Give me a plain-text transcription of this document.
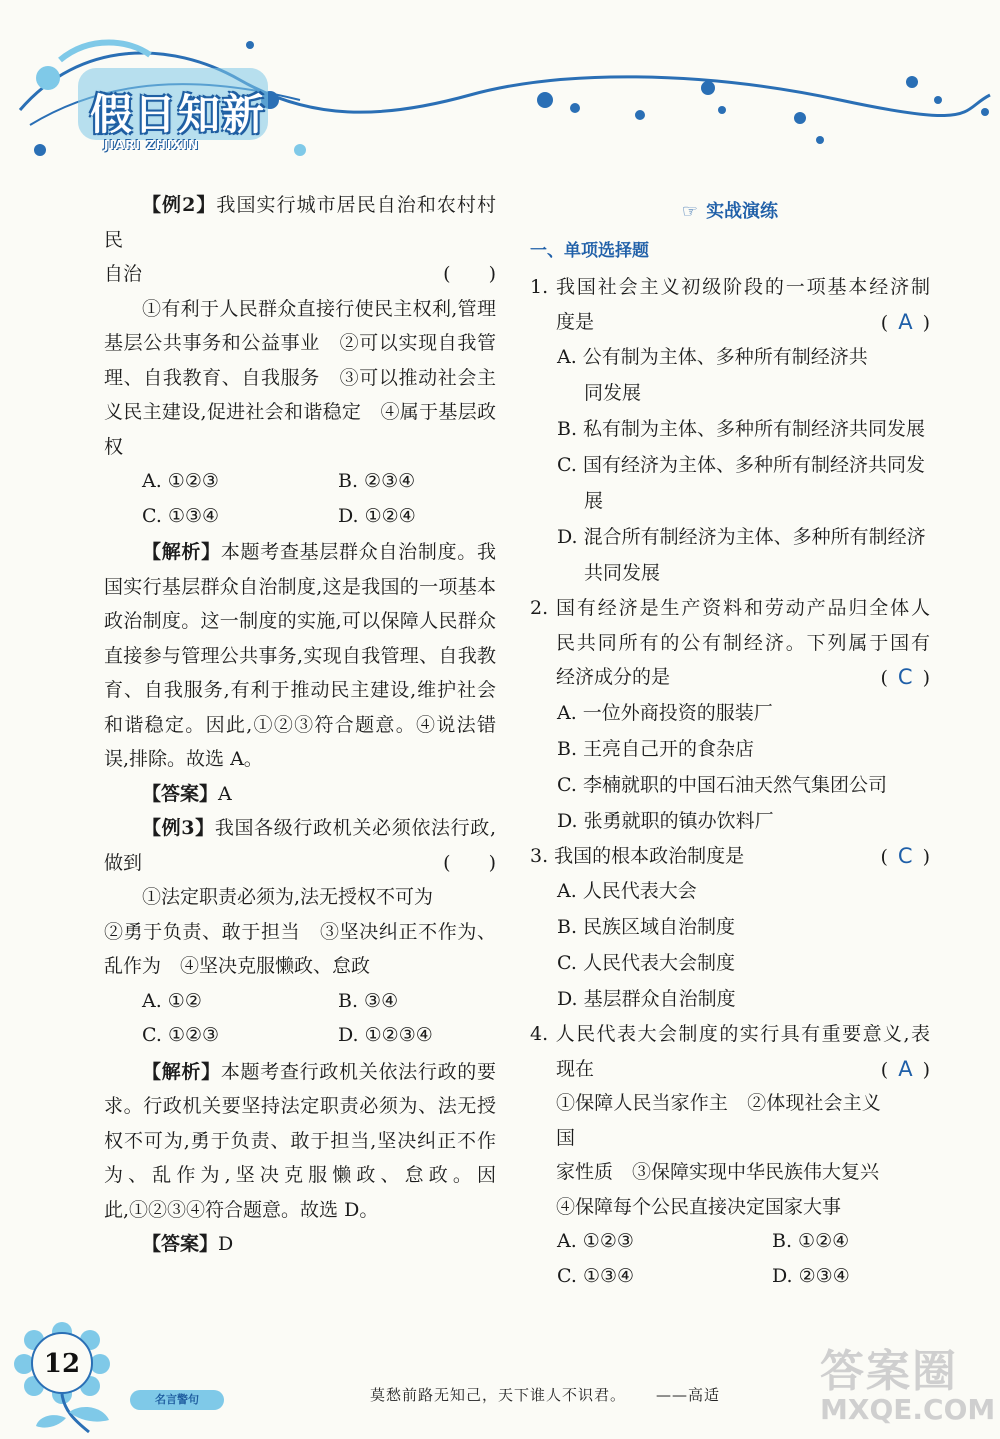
假日知新
JIARI ZHIXIN

【例2】我国实行城市居民自治和农村村民

自治	(　　)

①有利于人民群众直接行使民主权利,管理基层公共事务和公益事业　②可以实现自我管理、自我教育、自我服务　③可以推动社会主义民主建设,促进社会和谐稳定　④属于基层政权

A. ①②③	B. ②③④
C. ①③④	D. ①②④

【解析】本题考查基层群众自治制度。我国实行基层群众自治制度,这是我国的一项基本政治制度。这一制度的实施,可以保障人民群众直接参与管理公共事务,实现自我管理、自我教育、自我服务,有利于推动民主建设,维护社会和谐稳定。因此,①②③符合题意。④说法错误,排除。故选 A。

【答案】A

【例3】我国各级行政机关必须依法行政,

做到	(　　)

①法定职责必须为,法无授权不可为

②勇于负责、敢于担当　③坚决纠正不作为、乱作为　④坚决克服懒政、怠政

A. ①②	B. ③④
C. ①②③	D. ①②③④

【解析】本题考查行政机关依法行政的要求。行政机关要坚持法定职责必须为、法无授权不可为,勇于负责、敢于担当,坚决纠正不作为、乱作为,坚决克服懒政、怠政。因此,①②③④符合题意。故选 D。

【答案】D

☞ 实战演练
一、单项选择题

1. 我国社会主义初级阶段的一项基本经济制

度是	( A )

A. 公有制为主体、多种所有制经济共同发展

B. 私有制为主体、多种所有制经济共同发展

C. 国有经济为主体、多种所有制经济共同发展

D. 混合所有制经济为主体、多种所有制经济共同发展

2. 国有经济是生产资料和劳动产品归全体人

民共同所有的公有制经济。下列属于国有

经济成分的是	( C )

A. 一位外商投资的服装厂

B. 王亮自己开的食杂店

C. 李楠就职的中国石油天然气集团公司

D. 张勇就职的镇办饮料厂

3. 我国的根本政治制度是	( C )

A. 人民代表大会

B. 民族区域自治制度

C. 人民代表大会制度

D. 基层群众自治制度

4. 人民代表大会制度的实行具有重要意义,表

现在	( A )

①保障人民当家作主　②体现社会主义国

家性质　③保障实现中华民族伟大复兴

④保障每个公民直接决定国家大事

A. ①②③	B. ①②④
C. ①③④	D. ②③④
12
名言警句	莫愁前路无知己，天下谁人不识君。 ——高适 答案圈
MXQE.COM
